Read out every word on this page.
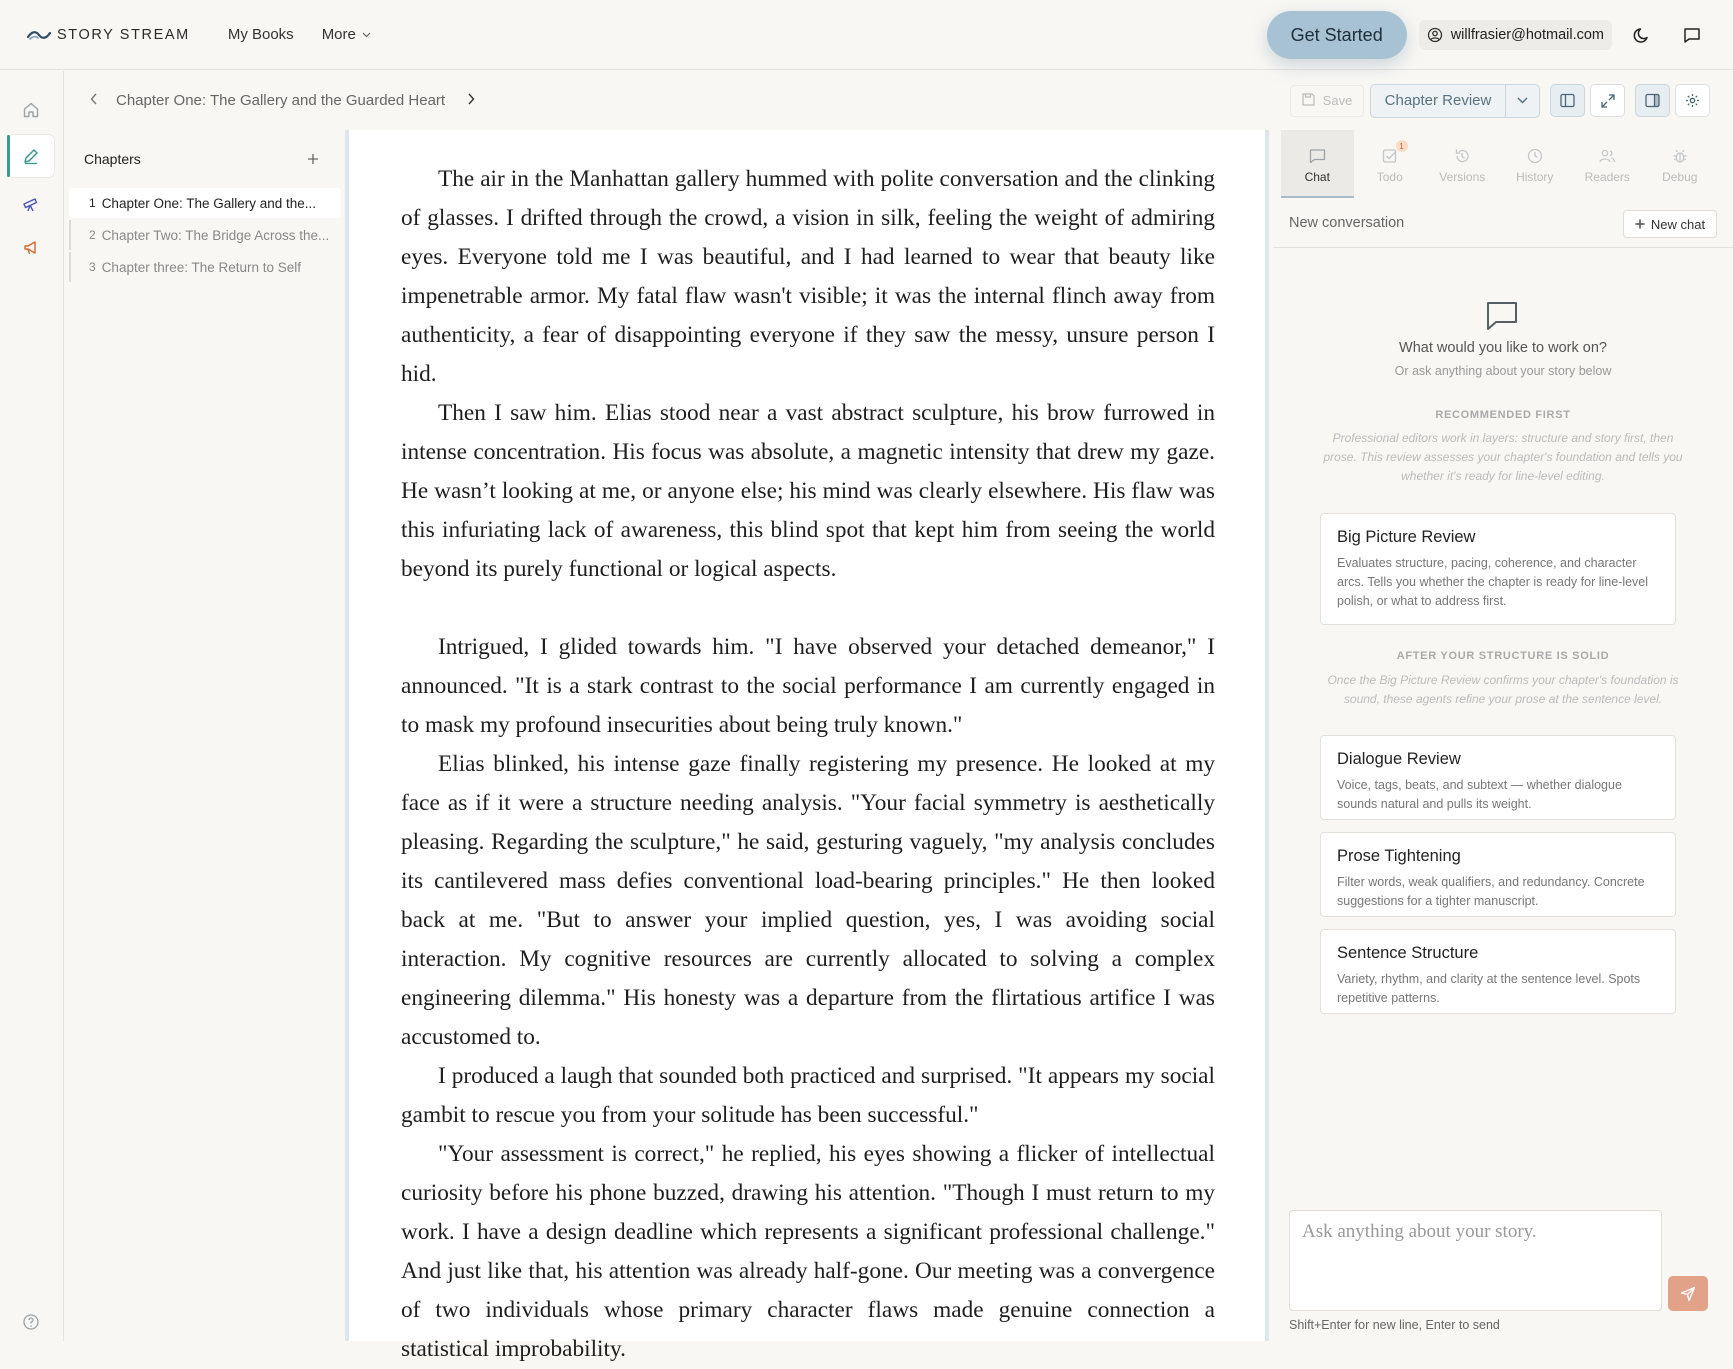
STORY STREAM	My Books More	Get Started	willfrasier@hotmail.com
Chapter One: The Gallery and the Guarded Heart	Save	Chapter Review
Chapters
1 Chapter One: The Gallery and the...
2 Chapter Two: The Bridge Across the...
3 Chapter three: The Return to Self

The air in the Manhattan gallery hummed with polite conversation and the clinking of glasses. I drifted through the crowd, a vision in silk, feeling the weight of admiring eyes. Everyone told me I was beautiful, and I had learned to wear that beauty like impenetrable armor. My fatal flaw wasn't visible; it was the internal flinch away from authenticity, a fear of disappointing everyone if they saw the messy, unsure person I hid.

Then I saw him. Elias stood near a vast abstract sculpture, his brow furrowed in intense concentration. His focus was absolute, a magnetic intensity that drew my gaze. He wasn’t looking at me, or anyone else; his mind was clearly elsewhere. His flaw was this infuriating lack of awareness, this blind spot that kept him from seeing the world beyond its purely functional or logical aspects.

Intrigued, I glided towards him. "I have observed your detached demeanor," I announced. "It is a stark contrast to the social performance I am currently engaged in to mask my profound insecurities about being truly known."

Elias blinked, his intense gaze finally registering my presence. He looked at my face as if it were a structure needing analysis. "Your facial symmetry is aesthetically pleasing. Regarding the sculpture," he said, gesturing vaguely, "my analysis concludes its cantilevered mass defies conventional load-bearing principles." He then looked back at me. "But to answer your implied question, yes, I was avoiding social interaction. My cognitive resources are currently allocated to solving a complex engineering dilemma." His honesty was a departure from the flirtatious artifice I was accustomed to.

I produced a laugh that sounded both practiced and surprised. "It appears my social gambit to rescue you from your solitude has been successful."

"Your assessment is correct," he replied, his eyes showing a flicker of intellectual curiosity before his phone buzzed, drawing his attention. "Though I must return to my work. I have a design deadline which represents a significant professional challenge." And just like that, his attention was already half-gone. Our meeting was a convergence of two individuals whose primary character flaws made genuine connection a statistical improbability.

Chat
1
Todo	Versions	History	Readers	Debug
New conversation	New chat
What would you like to work on?
Or ask anything about your story below
RECOMMENDED FIRST
Professional editors work in layers: structure and story first, then prose. This review assesses your chapter's foundation and tells you whether it's ready for line-level editing.
Big Picture Review
Evaluates structure, pacing, coherence, and character arcs. Tells you whether the chapter is ready for line-level polish, or what to address first.
AFTER YOUR STRUCTURE IS SOLID
Once the Big Picture Review confirms your chapter's foundation is sound, these agents refine your prose at the sentence level.
Dialogue Review
Voice, tags, beats, and subtext — whether dialogue sounds natural and pulls its weight.
Prose Tightening
Filter words, weak qualifiers, and redundancy. Concrete suggestions for a tighter manuscript.
Sentence Structure
Variety, rhythm, and clarity at the sentence level. Spots repetitive patterns.
Ask anything about your story.
Shift+Enter for new line, Enter to send
